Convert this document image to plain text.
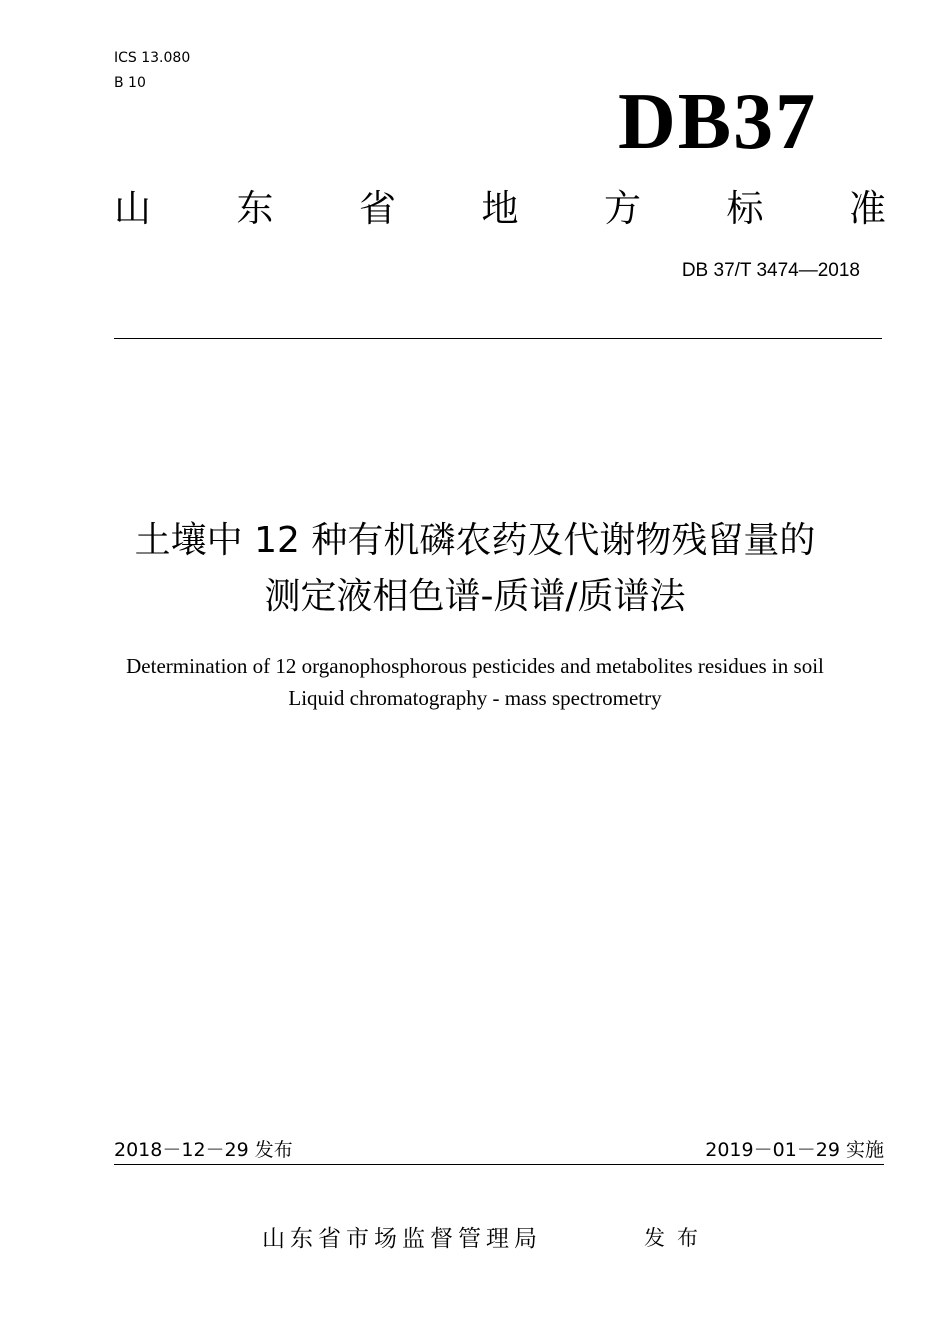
ICS 13.080
B 10	DB37
山 东 省 地 方 标 准
DB 37/T 3474—2018
土壤中 12 种有机磷农药及代谢物残留量的
测定液相色谱-质谱/质谱法
Determination of 12 organophosphorous pesticides and metabolites residues in soil
Liquid chromatography - mass spectrometry
2018－12－29 发布	2019－01－29 实施
山东省市场监督管理局	发布
